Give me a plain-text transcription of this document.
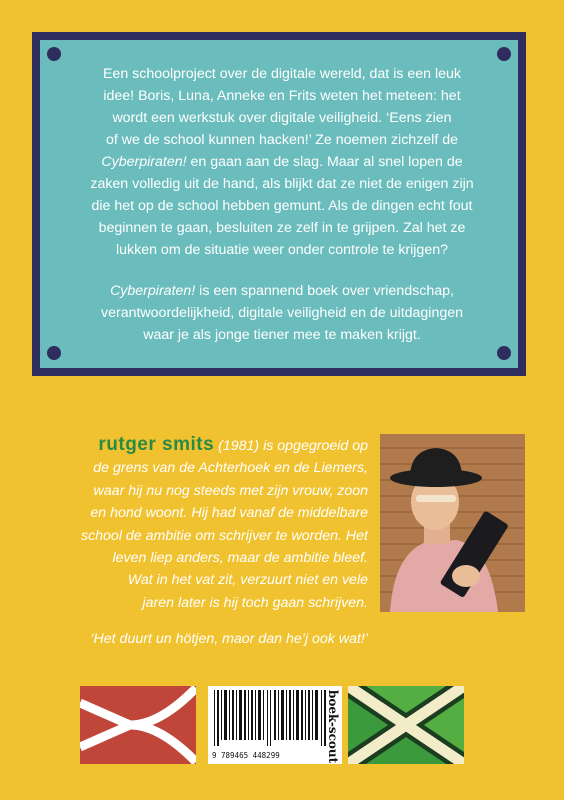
Een schoolproject over de digitale wereld, dat is een leuk
idee! Boris, Luna, Anneke en Frits weten het meteen: het
wordt een werkstuk over digitale veiligheid. ‘Eens zien
of we de school kunnen hacken!’ Ze noemen zichzelf de
Cyberpiraten! en gaan aan de slag. Maar al snel lopen de
zaken volledig uit de hand, als blijkt dat ze niet de enigen zijn
die het op de school hebben gemunt. Als de dingen echt fout
beginnen te gaan, besluiten ze zelf in te grijpen. Zal het ze
lukken om de situatie weer onder controle te krijgen?

Cyberpiraten! is een spannend boek over vriendschap,
verantwoordelijkheid, digitale veiligheid en de uitdagingen
waar je als jonge tiener mee te maken krijgt.

rutger smits (1981) is opgegroeid op
de grens van de Achterhoek en de Liemers,
waar hij nu nog steeds met zijn vrouw, zoon
en hond woont. Hij had vanaf de middelbare
school de ambitie om schrijver te worden. Het
leven liep anders, maar de ambitie bleef.
Wat in het vat zit, verzuurt niet en vele
jaren later is hij toch gaan schrijven.

‘Het duurt un hötjen, maor dan he’j ook wat!’

9 789465 448299	boek-scout
